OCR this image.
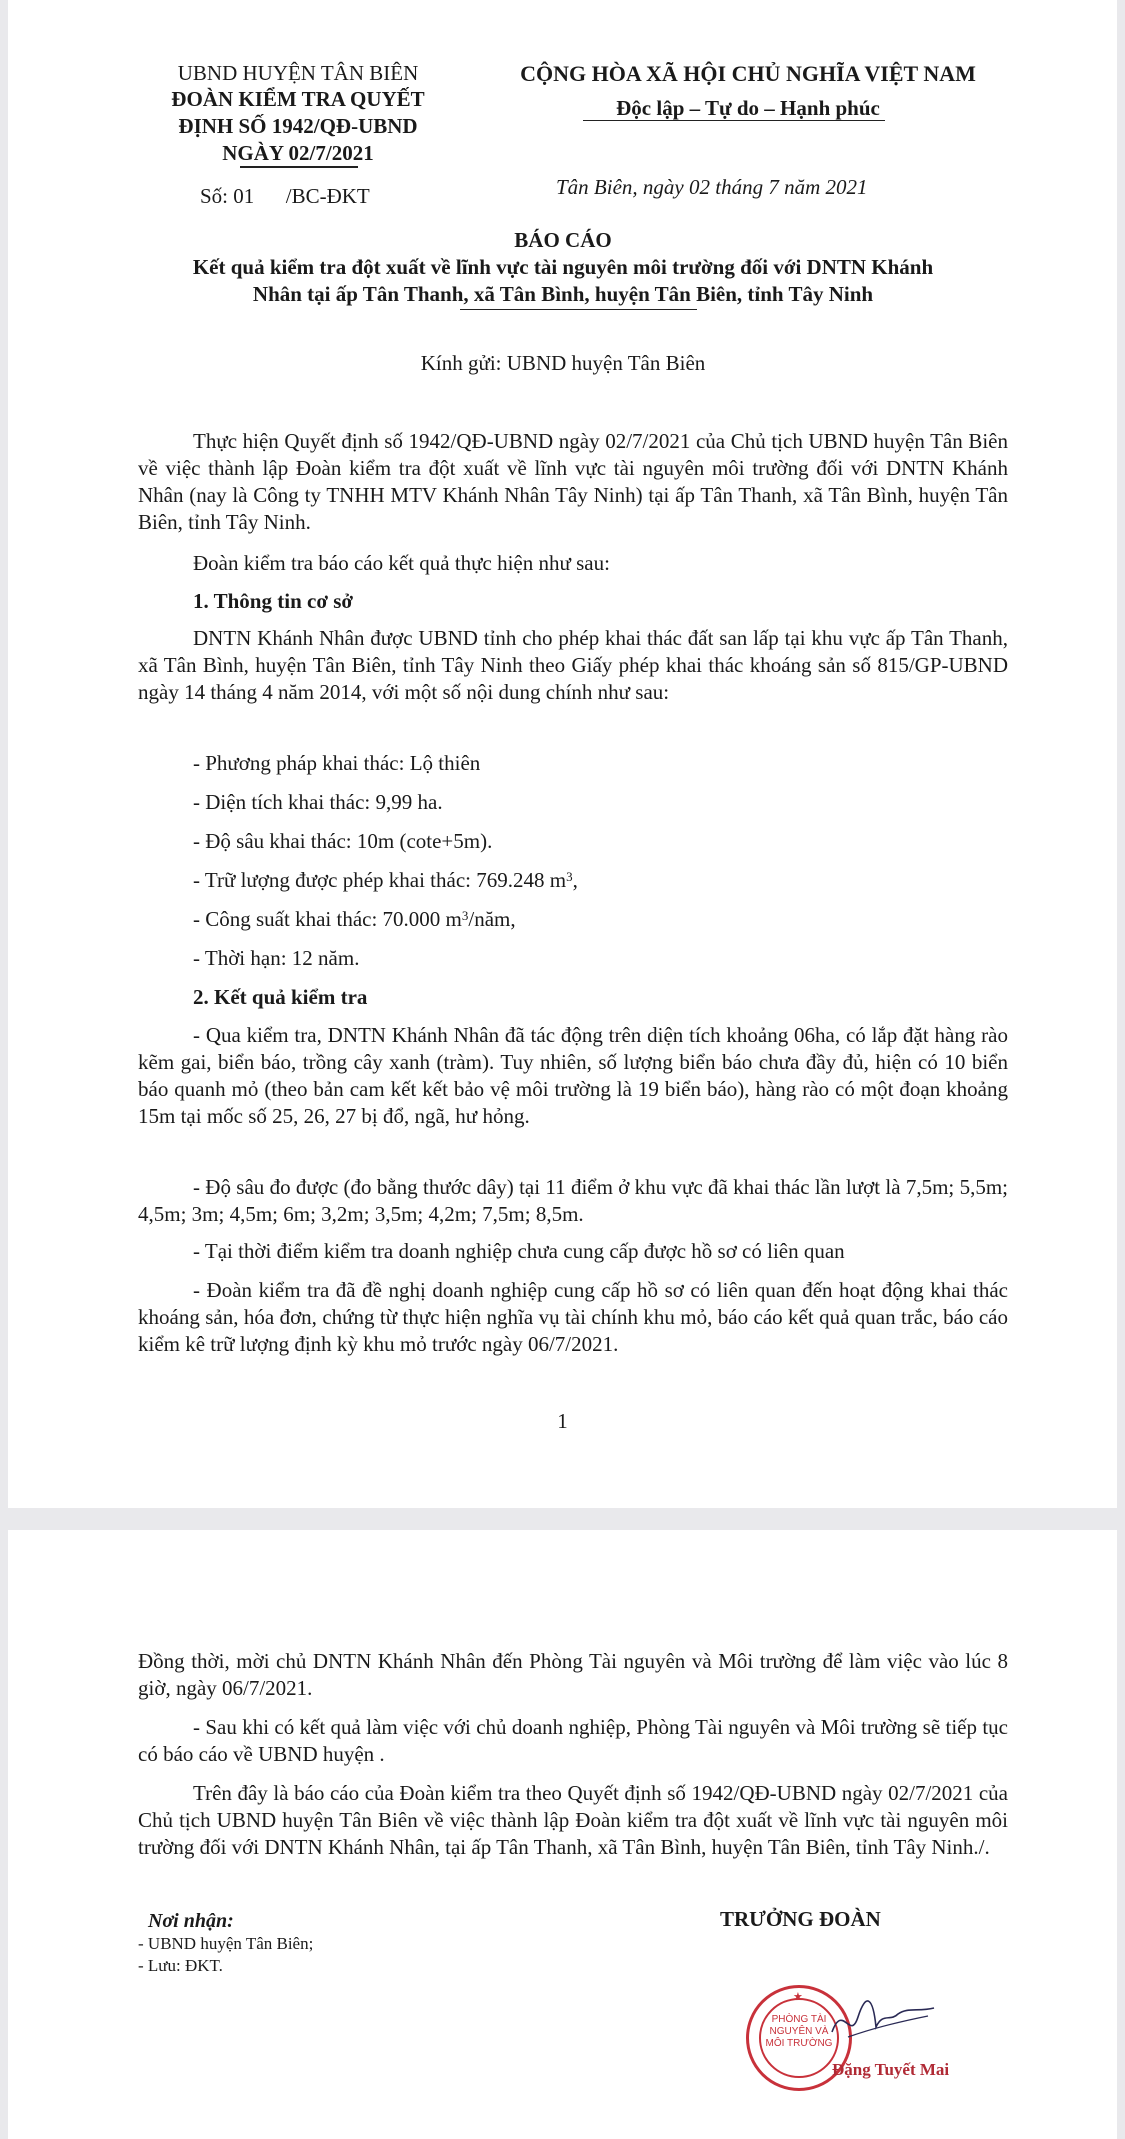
UBND HUYỆN TÂN BIÊN
ĐOÀN KIỂM TRA QUYẾT
ĐỊNH SỐ 1942/QĐ-UBND
NGÀY 02/7/2021
Số: 01      /BC-ĐKT
CỘNG HÒA XÃ HỘI CHỦ NGHĨA VIỆT NAM
Độc lập – Tự do – Hạnh phúc
Tân Biên, ngày 02 tháng 7 năm 2021
BÁO CÁO
Kết quả kiểm tra đột xuất về lĩnh vực tài nguyên môi trường đối với DNTN Khánh
Nhân tại ấp Tân Thanh, xã Tân Bình, huyện Tân Biên, tỉnh Tây Ninh
Kính gửi: UBND huyện Tân Biên
Thực hiện Quyết định số 1942/QĐ-UBND ngày 02/7/2021 của Chủ tịch UBND huyện Tân Biên về việc thành lập Đoàn kiểm tra đột xuất về lĩnh vực tài nguyên môi trường đối với DNTN Khánh Nhân (nay là Công ty TNHH MTV Khánh Nhân Tây Ninh) tại ấp Tân Thanh, xã Tân Bình, huyện Tân Biên, tỉnh Tây Ninh.
Đoàn kiểm tra báo cáo kết quả thực hiện như sau:
1. Thông tin cơ sở
DNTN Khánh Nhân được UBND tỉnh cho phép khai thác đất san lấp tại khu vực ấp Tân Thanh, xã Tân Bình, huyện Tân Biên, tỉnh Tây Ninh theo Giấy phép khai thác khoáng sản số 815/GP-UBND ngày 14 tháng 4 năm 2014, với một số nội dung chính như sau:
- Phương pháp khai thác: Lộ thiên
- Diện tích khai thác: 9,99 ha.
- Độ sâu khai thác: 10m (cote+5m).
- Trữ lượng được phép khai thác: 769.248 $m^3$,
- Công suất khai thác: 70.000 $m^3$/năm,
- Thời hạn: 12 năm.
2. Kết quả kiểm tra
- Qua kiểm tra, DNTN Khánh Nhân đã tác động trên diện tích khoảng 06ha, có lắp đặt hàng rào kẽm gai, biển báo, trồng cây xanh (tràm). Tuy nhiên, số lượng biển báo chưa đầy đủ, hiện có 10 biển báo quanh mỏ (theo bản cam kết kết bảo vệ môi trường là 19 biển báo), hàng rào có một đoạn khoảng 15m tại mốc số 25, 26, 27 bị đổ, ngã, hư hỏng.
- Độ sâu đo được (đo bằng thước dây) tại 11 điểm ở khu vực đã khai thác lần lượt là 7,5m; 5,5m; 4,5m; 3m; 4,5m; 6m; 3,2m; 3,5m; 4,2m; 7,5m; 8,5m.
- Tại thời điểm kiểm tra doanh nghiệp chưa cung cấp được hồ sơ có liên quan
- Đoàn kiểm tra đã đề nghị doanh nghiệp cung cấp hồ sơ có liên quan đến hoạt động khai thác khoáng sản, hóa đơn, chứng từ thực hiện nghĩa vụ tài chính khu mỏ, báo cáo kết quả quan trắc, báo cáo kiểm kê trữ lượng định kỳ khu mỏ trước ngày 06/7/2021.
1
Đồng thời, mời chủ DNTN Khánh Nhân đến Phòng Tài nguyên và Môi trường để làm việc vào lúc 8 giờ, ngày 06/7/2021.
- Sau khi có kết quả làm việc với chủ doanh nghiệp, Phòng Tài nguyên và Môi trường sẽ tiếp tục có báo cáo về UBND huyện .
Trên đây là báo cáo của Đoàn kiểm tra theo Quyết định số 1942/QĐ-UBND ngày 02/7/2021 của Chủ tịch UBND huyện Tân Biên về việc thành lập Đoàn kiểm tra đột xuất về lĩnh vực tài nguyên môi trường đối với DNTN Khánh Nhân, tại ấp Tân Thanh, xã Tân Bình, huyện Tân Biên, tỉnh Tây Ninh./.
Nơi nhận:
- UBND huyện Tân Biên;
- Lưu: ĐKT.
TRƯỞNG ĐOÀN
★
PHÒNG TÀI NGUYÊN VÀ MÔI TRƯỜNG
Đặng Tuyết Mai
